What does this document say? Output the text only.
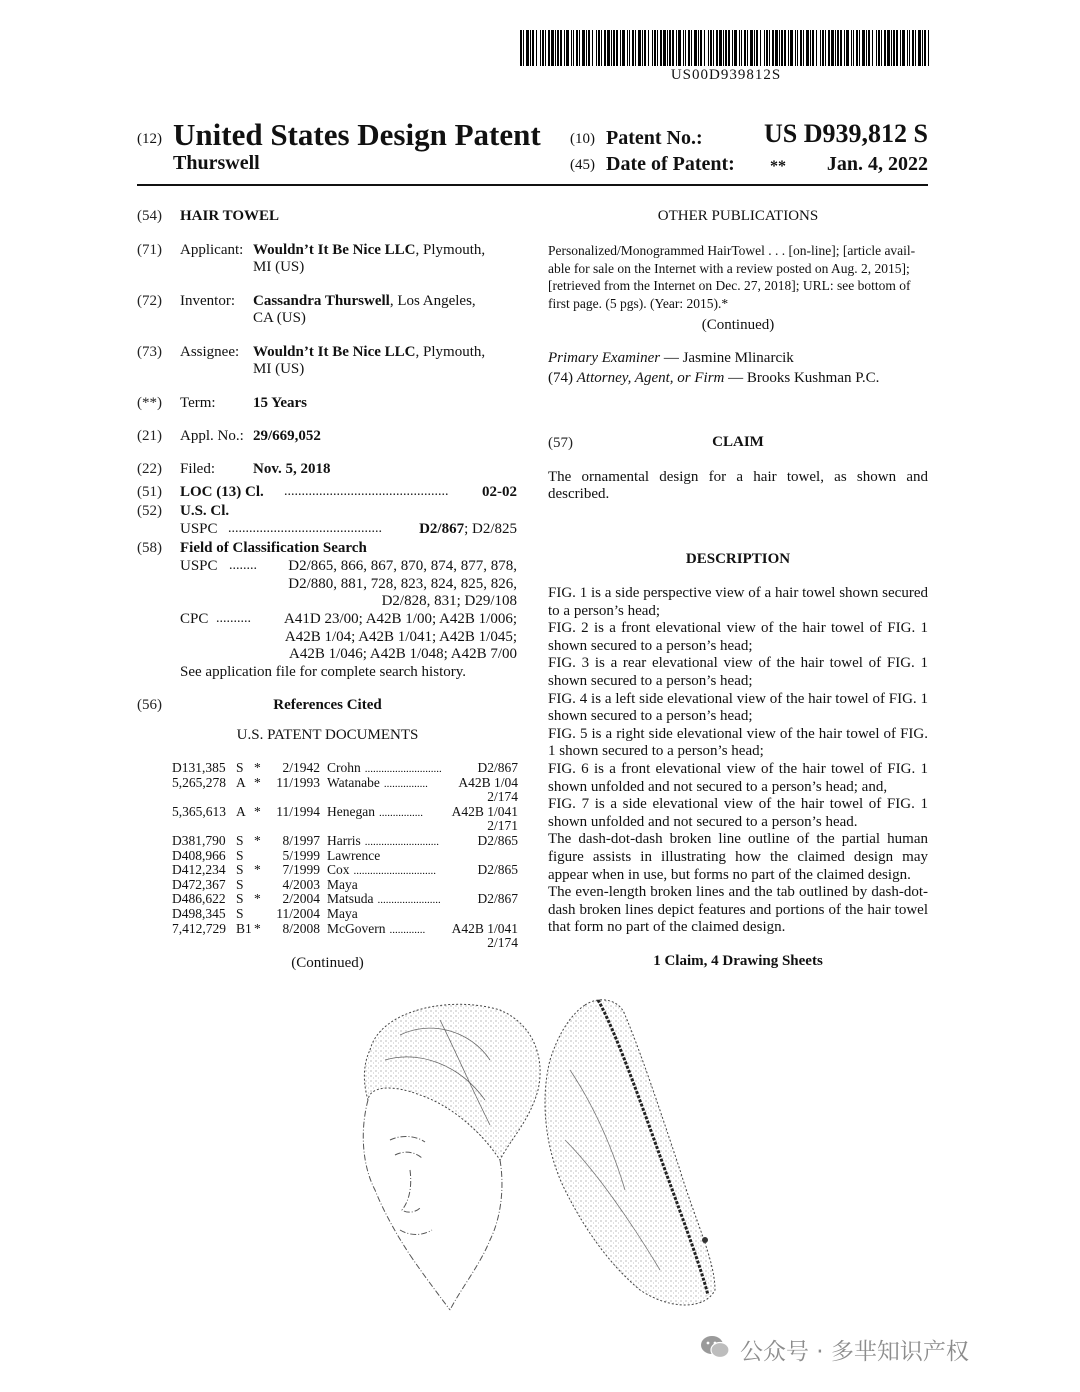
US00D939812S
(12) United States Design Patent
Thurswell
(10) Patent No.:	US D939,812 S
(45) Date of Patent: **	Jan. 4, 2022
(54) HAIR TOWEL
(71) Applicant: Wouldn’t It Be Nice LLC, Plymouth,
MI (US)
(72) Inventor: Cassandra Thurswell, Los Angeles,
CA (US)
(73) Assignee: Wouldn’t It Be Nice LLC, Plymouth,
MI (US)
(**) Term: 15 Years
(21) Appl. No.: 29/669,052
(22) Filed:	Nov. 5, 2018
(51) LOC (13) Cl. ...............................................	02-02
(52) U.S. Cl.
USPC ............................................	D2/867; D2/825
(58) Field of Classification Search
USPC ........	D2/865, 866, 867, 870, 874, 877, 878,
D2/880, 881, 728, 823, 824, 825, 826,
D2/828, 831; D29/108
CPC ..........	A41D 23/00; A42B 1/00; A42B 1/006;
A42B 1/04; A42B 1/041; A42B 1/045;
A42B 1/046; A42B 1/048; A42B 7/00
See application file for complete search history.
(56)	References Cited
U.S. PATENT DOCUMENTS
D131,385 S *	2/1942 Crohn ............................	D2/867
5,265,278 A *	11/1993 Watanabe ................ A42B 1/04
2/174
5,365,613 A *	11/1994 Henegan ................ A42B 1/041
2/171
D381,790 S *	8/1997 Harris ...........................	D2/865
D408,966 S	5/1999 Lawrence
D412,234 S *	7/1999 Cox ..............................	D2/865
D472,367 S	4/2003 Maya
D486,622 S *	2/2004 Matsuda .......................	D2/867
D498,345 S	11/2004 Maya
7,412,729 B1 *	8/2008 McGovern ............. A42B 1/041
2/174
(Continued)
OTHER PUBLICATIONS
Personalized/Monogrammed HairTowel . . . [on-line]; [article avail-
able for sale on the Internet with a review posted on Aug. 2, 2015];
[retrieved from the Internet on Dec. 27, 2018]; URL: see bottom of
first page. (5 pgs). (Year: 2015).*
(Continued)
Primary Examiner — Jasmine Mlinarcik
(74) Attorney, Agent, or Firm — Brooks Kushman P.C.
(57)	CLAIM
The ornamental design for a hair towel, as shown and
described.
DESCRIPTION

FIG. 1 is a side perspective view of a hair towel shown secured to a person’s head;

FIG. 2 is a front elevational view of the hair towel of FIG. 1 shown secured to a person’s head;

FIG. 3 is a rear elevational view of the hair towel of FIG. 1 shown secured to a person’s head;

FIG. 4 is a left side elevational view of the hair towel of FIG. 1 shown secured to a person’s head;

FIG. 5 is a right side elevational view of the hair towel of FIG. 1 shown secured to a person’s head;

FIG. 6 is a front elevational view of the hair towel of FIG. 1 shown unfolded and not secured to a person’s head; and,

FIG. 7 is a side elevational view of the hair towel of FIG. 1 shown unfolded and not secured to a person’s head.

The dash-dot-dash broken line outline of the partial human figure assists in illustrating how the claimed design may appear when in use, but forms no part of the claimed design.

The even-length broken lines and the tab outlined by dash-dot-dash broken lines depict features and portions of the hair towel that form no part of the claimed design.

1 Claim, 4 Drawing Sheets
公众号 · 多芈知识产权
